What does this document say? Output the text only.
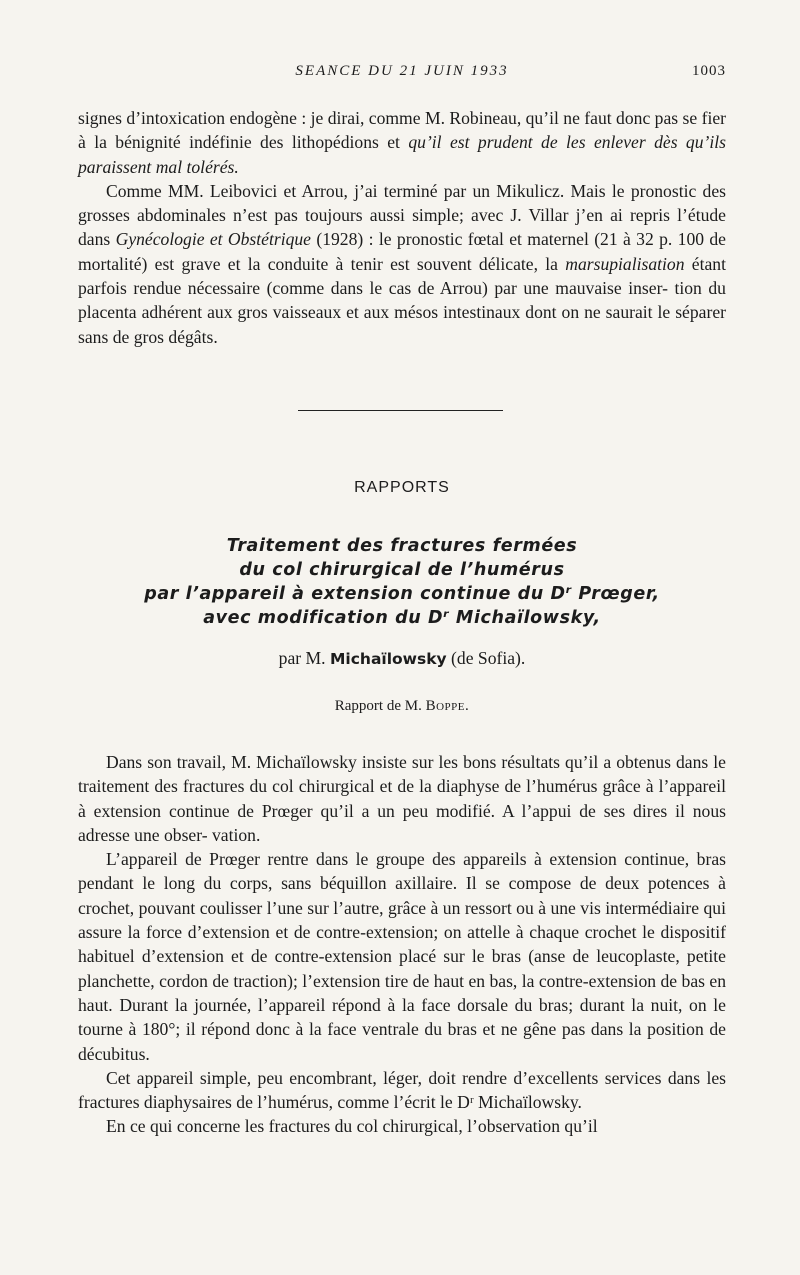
SEANCE DU 21 JUIN 1933	1003

signes d’intoxication endogène : je dirai, comme M. Robineau, qu’il ne faut donc pas se fier à la bénignité indéfinie des lithopédions et qu’il est prudent de les enlever dès qu’ils paraissent mal tolérés.

Comme MM. Leibovici et Arrou, j’ai terminé par un Mikulicz. Mais le pronostic des grosses abdominales n’est pas toujours aussi simple; avec J. Villar j’en ai repris l’étude dans Gynécologie et Obstétrique (1928) : le pronostic fœtal et maternel (21 à 32 p. 100 de mortalité) est grave et la conduite à tenir est souvent délicate, la marsupialisation étant parfois rendue nécessaire (comme dans le cas de Arrou) par une mauvaise inser- tion du placenta adhérent aux gros vaisseaux et aux mésos intestinaux dont on ne saurait le séparer sans de gros dégâts.

RAPPORTS
Traitement des fractures fermées
du col chirurgical de l’humérus
par l’appareil à extension continue du Dʳ Prœger,
avec modification du Dʳ Michaïlowsky,
par M. Michaïlowsky (de Sofia).
Rapport de M. Boppe.

Dans son travail, M. Michaïlowsky insiste sur les bons résultats qu’il a obtenus dans le traitement des fractures du col chirurgical et de la diaphyse de l’humérus grâce à l’appareil à extension continue de Prœger qu’il a un peu modifié. A l’appui de ses dires il nous adresse une obser- vation.

L’appareil de Prœger rentre dans le groupe des appareils à extension continue, bras pendant le long du corps, sans béquillon axillaire. Il se compose de deux potences à crochet, pouvant coulisser l’une sur l’autre, grâce à un ressort ou à une vis intermédiaire qui assure la force d’extension et de contre-extension; on attelle à chaque crochet le dispositif habituel d’extension et de contre-extension placé sur le bras (anse de leucoplaste, petite planchette, cordon de traction); l’extension tire de haut en bas, la contre-extension de bas en haut. Durant la journée, l’appareil répond à la face dorsale du bras; durant la nuit, on le tourne à 180°; il répond donc à la face ventrale du bras et ne gêne pas dans la position de décubitus.

Cet appareil simple, peu encombrant, léger, doit rendre d’excellents services dans les fractures diaphysaires de l’humérus, comme l’écrit le Dʳ Michaïlowsky.

En ce qui concerne les fractures du col chirurgical, l’observation qu’il
